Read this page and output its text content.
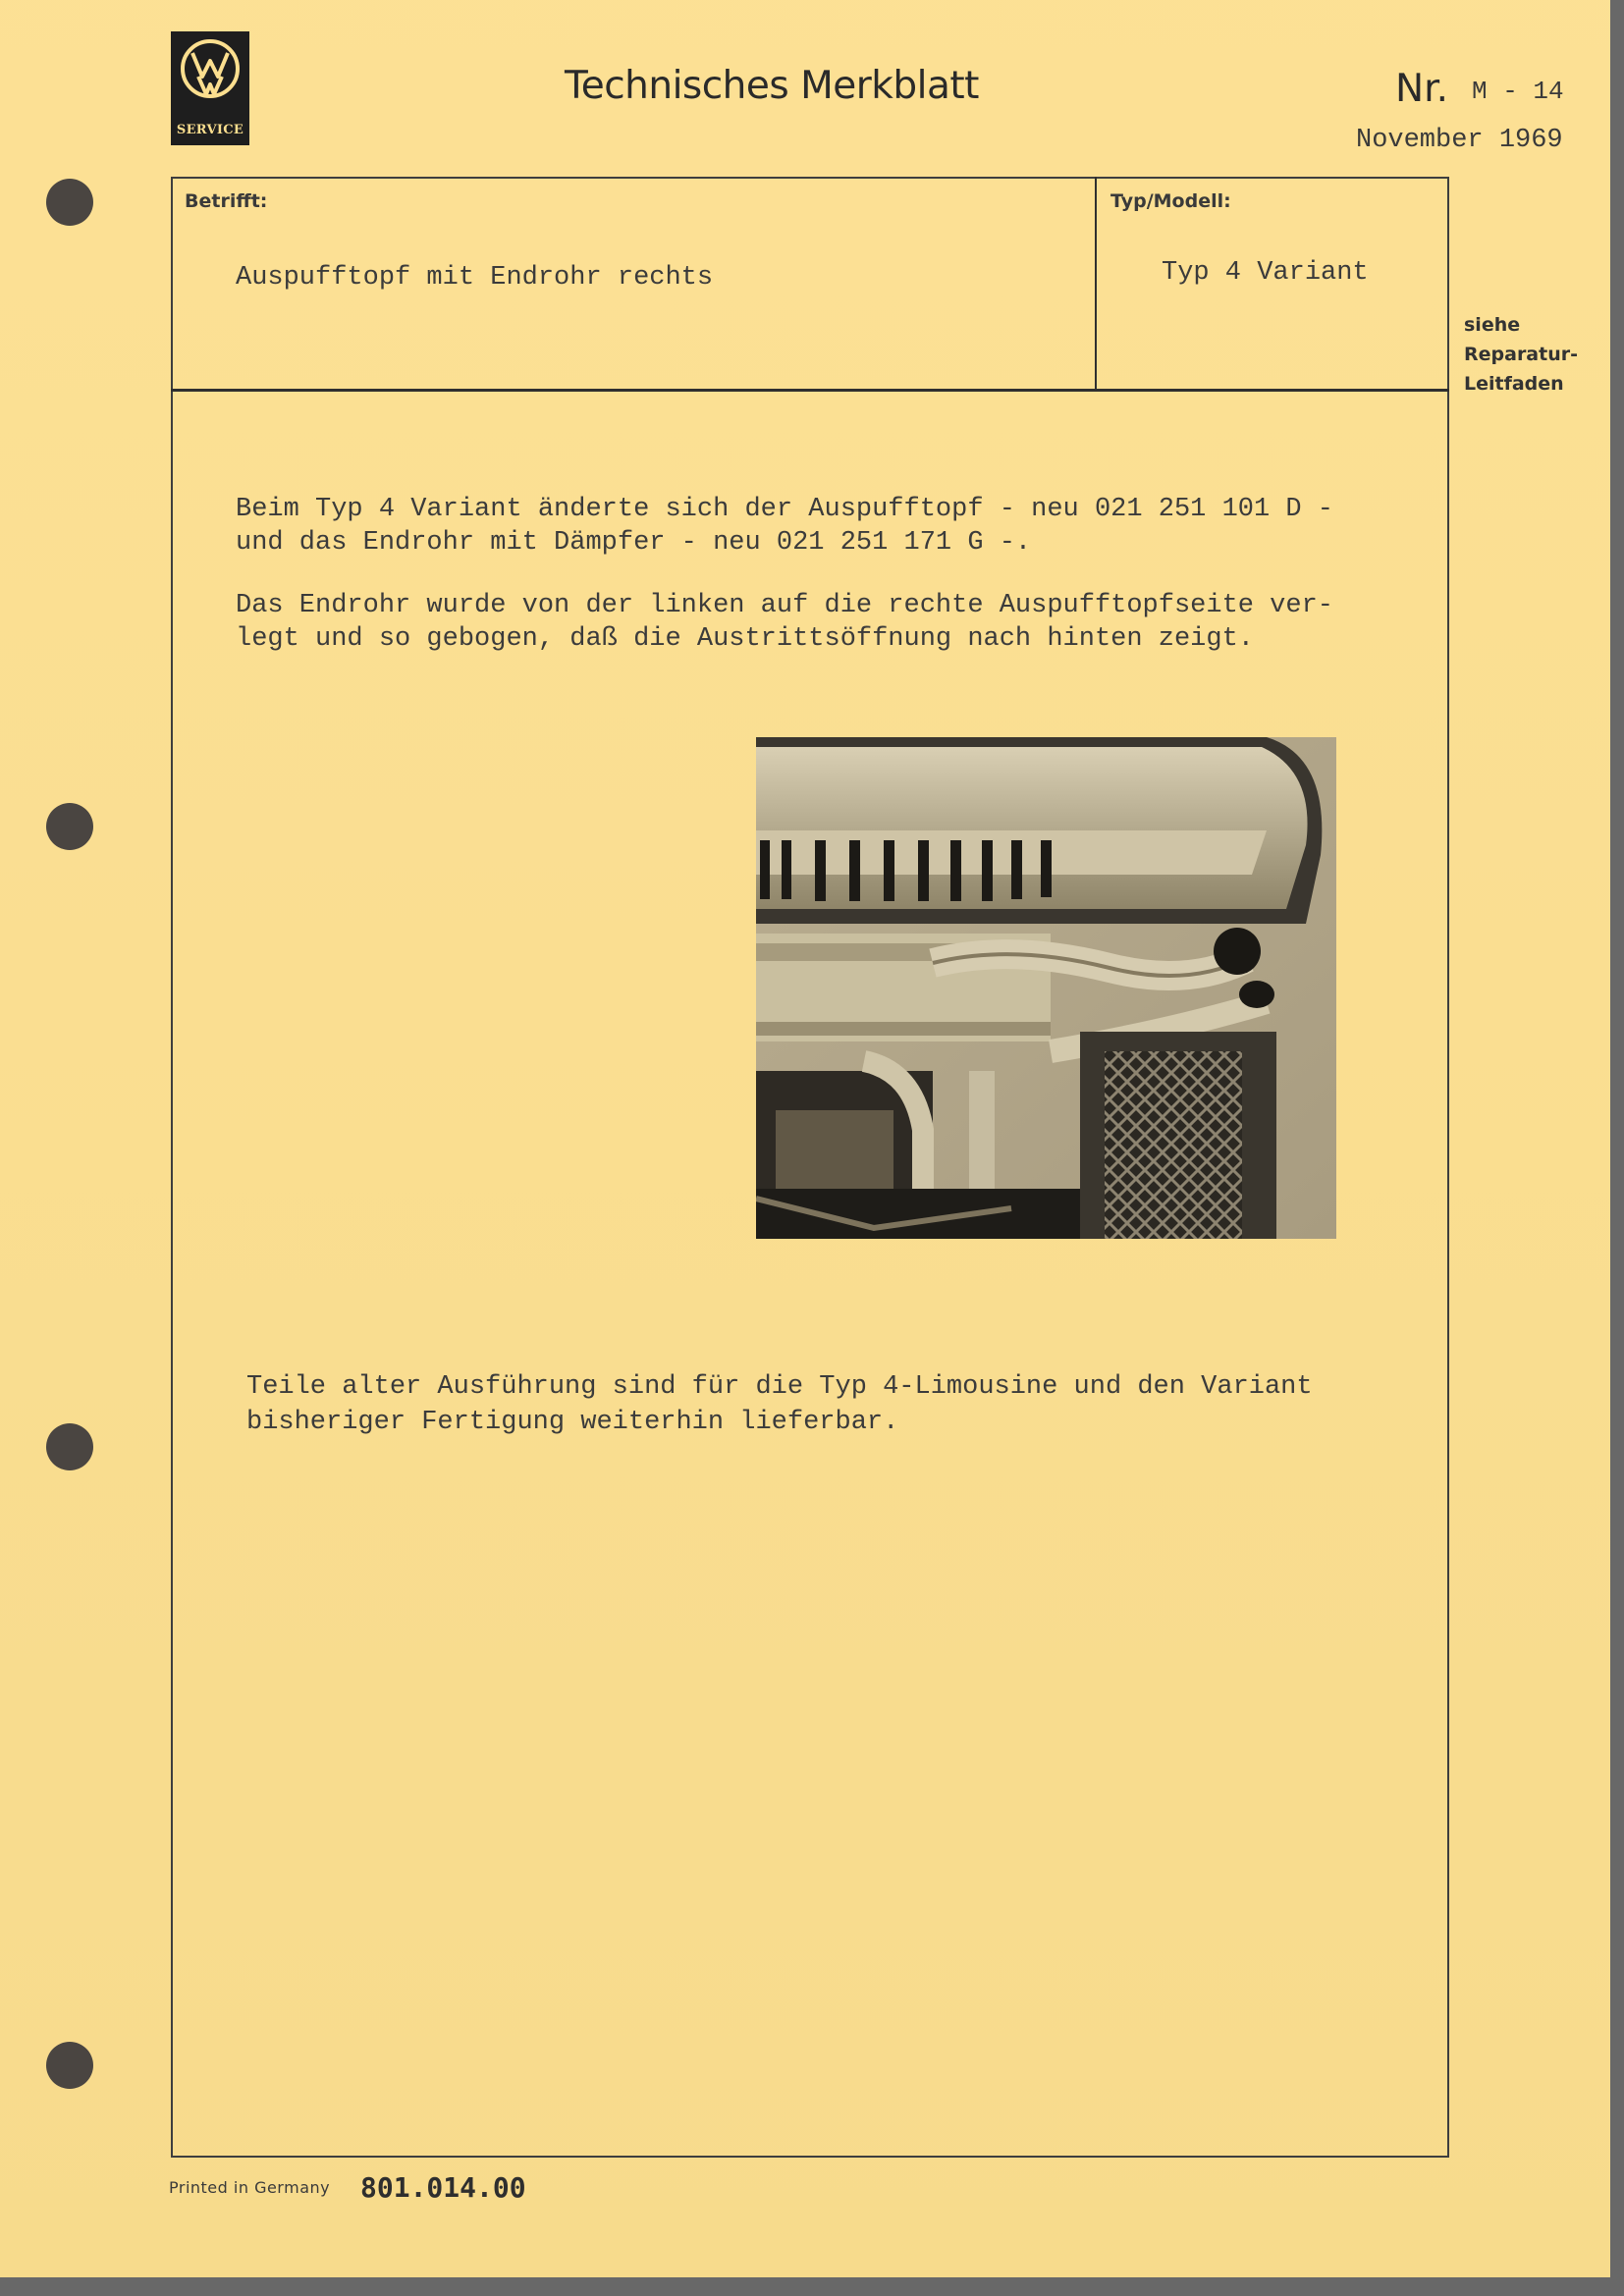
SERVICE
Technisches Merkblatt	Nr. M - 14
November 1969
Betrifft:
Auspufftopf mit Endrohr rechts
Typ/Modell:
Typ 4 Variant
siehe
Reparatur-
Leitfaden
Beim Typ 4 Variant änderte sich der Auspufftopf - neu 021 251 101 D -
und das Endrohr mit Dämpfer - neu 021 251 171 G -.
Das Endrohr wurde von der linken auf die rechte Auspufftopfseite ver-
legt und so gebogen, daß die Austrittsöffnung nach hinten zeigt.
Teile alter Ausführung sind für die Typ 4-Limousine und den Variant
bisheriger Fertigung weiterhin lieferbar.
Printed in Germany 801.014.00
